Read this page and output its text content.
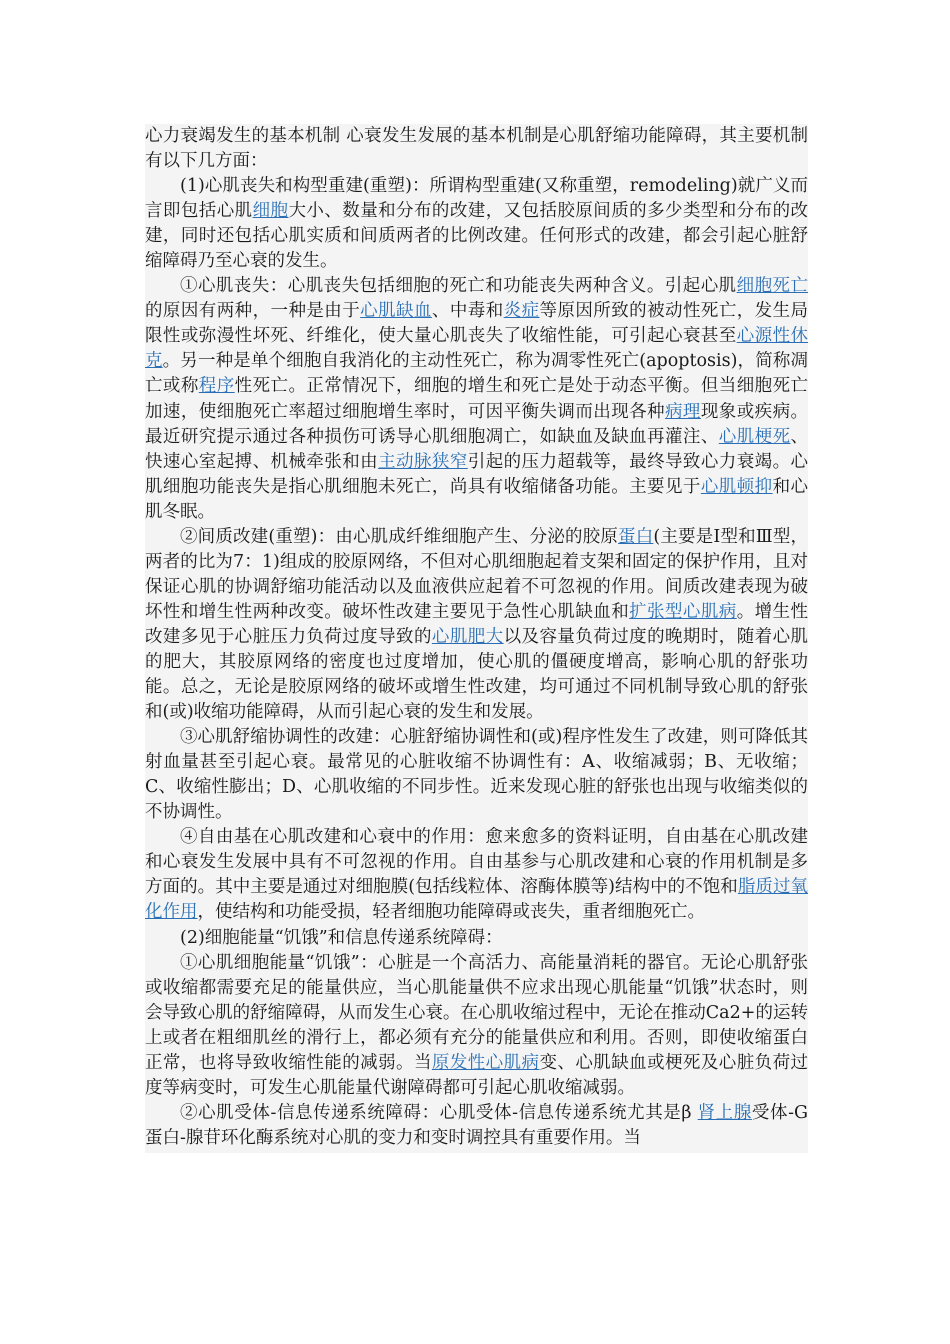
心力衰竭发生的基本机制 心衰发生发展的基本机制是心肌舒缩功能障碍，其主要机制有以下几方面：

(1)心肌丧失和构型重建(重塑)：所谓构型重建(又称重塑，remodeling)就广义而言即包括心肌细胞大小、数量和分布的改建，又包括胶原间质的多少类型和分布的改建，同时还包括心肌实质和间质两者的比例改建。任何形式的改建，都会引起心脏舒缩障碍乃至心衰的发生。

①心肌丧失：心肌丧失包括细胞的死亡和功能丧失两种含义。引起心肌细胞死亡的原因有两种，一种是由于心肌缺血、中毒和炎症等原因所致的被动性死亡，发生局限性或弥漫性坏死、纤维化，使大量心肌丧失了收缩性能，可引起心衰甚至心源性休克。另一种是单个细胞自我消化的主动性死亡，称为凋零性死亡(apoptosis)，简称凋亡或称程序性死亡。正常情况下，细胞的增生和死亡是处于动态平衡。但当细胞死亡加速，使细胞死亡率超过细胞增生率时，可因平衡失调而出现各种病理现象或疾病。最近研究提示通过各种损伤可诱导心肌细胞凋亡，如缺血及缺血再灌注、心肌梗死、快速心室起搏、机械牵张和由主动脉狭窄引起的压力超载等，最终导致心力衰竭。心肌细胞功能丧失是指心肌细胞未死亡，尚具有收缩储备功能。主要见于心肌顿抑和心肌冬眠。

②间质改建(重塑)：由心肌成纤维细胞产生、分泌的胶原蛋白(主要是Ⅰ型和Ⅲ型，两者的比为7：1)组成的胶原网络，不但对心肌细胞起着支架和固定的保护作用，且对保证心肌的协调舒缩功能活动以及血液供应起着不可忽视的作用。间质改建表现为破坏性和增生性两种改变。破坏性改建主要见于急性心肌缺血和扩张型心肌病。增生性改建多见于心脏压力负荷过度导致的心肌肥大以及容量负荷过度的晚期时，随着心肌的肥大，其胶原网络的密度也过度增加，使心肌的僵硬度增高，影响心肌的舒张功能。总之，无论是胶原网络的破坏或增生性改建，均可通过不同机制导致心肌的舒张和(或)收缩功能障碍，从而引起心衰的发生和发展。

③心肌舒缩协调性的改建：心脏舒缩协调性和(或)程序性发生了改建，则可降低其射血量甚至引起心衰。最常见的心脏收缩不协调性有：A、收缩减弱；B、无收缩；C、收缩性膨出；D、心肌收缩的不同步性。近来发现心脏的舒张也出现与收缩类似的不协调性。

④自由基在心肌改建和心衰中的作用：愈来愈多的资料证明，自由基在心肌改建和心衰发生发展中具有不可忽视的作用。自由基参与心肌改建和心衰的作用机制是多方面的。其中主要是通过对细胞膜(包括线粒体、溶酶体膜等)结构中的不饱和脂质过氧化作用，使结构和功能受损，轻者细胞功能障碍或丧失，重者细胞死亡。

(2)细胞能量“饥饿”和信息传递系统障碍：

①心肌细胞能量“饥饿”：心脏是一个高活力、高能量消耗的器官。无论心肌舒张或收缩都需要充足的能量供应，当心肌能量供不应求出现心肌能量“饥饿”状态时，则会导致心肌的舒缩障碍，从而发生心衰。在心肌收缩过程中，无论在推动Ca2+的运转上或者在粗细肌丝的滑行上，都必须有充分的能量供应和利用。否则，即使收缩蛋白正常，也将导致收缩性能的减弱。当原发性心肌病变、心肌缺血或梗死及心脏负荷过度等病变时，可发生心肌能量代谢障碍都可引起心肌收缩减弱。

②心肌受体-信息传递系统障碍：心肌受体-信息传递系统尤其是β 肾上腺受体-G 蛋白-腺苷环化酶系统对心肌的变力和变时调控具有重要作用。当
